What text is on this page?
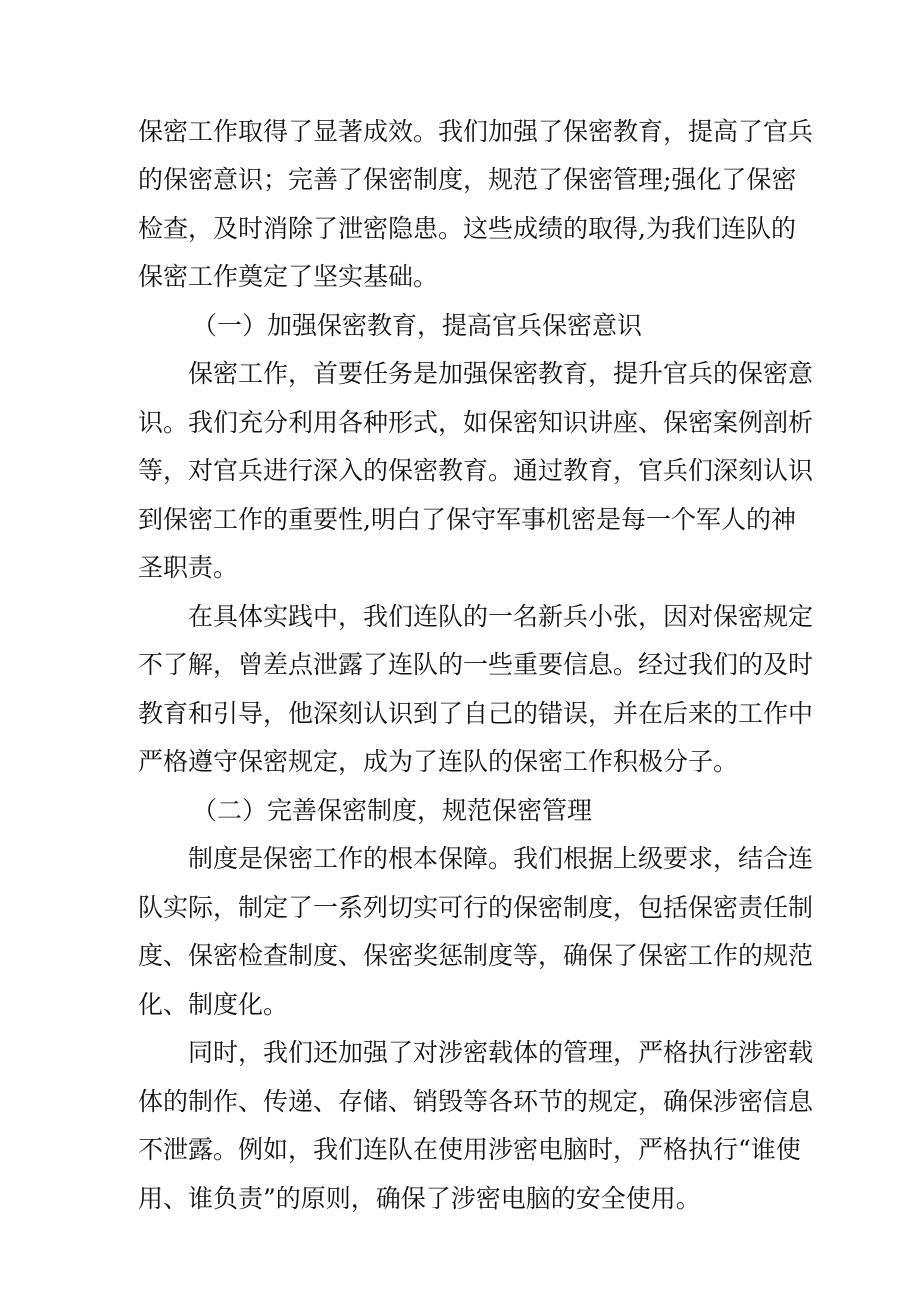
保密工作取得了显著成效。我们加强了保密教育，提高了官兵
的保密意识；完善了保密制度，规范了保密管理;强化了保密
检查，及时消除了泄密隐患。这些成绩的取得,为我们连队的
保密工作奠定了坚实基础。
（一）加强保密教育，提高官兵保密意识
保密工作，首要任务是加强保密教育，提升官兵的保密意
识。我们充分利用各种形式，如保密知识讲座、保密案例剖析
等，对官兵进行深入的保密教育。通过教育，官兵们深刻认识
到保密工作的重要性,明白了保守军事机密是每一个军人的神
圣职责。
在具体实践中，我们连队的一名新兵小张，因对保密规定
不了解，曾差点泄露了连队的一些重要信息。经过我们的及时
教育和引导，他深刻认识到了自己的错误，并在后来的工作中
严格遵守保密规定，成为了连队的保密工作积极分子。
（二）完善保密制度，规范保密管理
制度是保密工作的根本保障。我们根据上级要求，结合连
队实际，制定了一系列切实可行的保密制度，包括保密责任制
度、保密检查制度、保密奖惩制度等，确保了保密工作的规范
化、制度化。
同时，我们还加强了对涉密载体的管理，严格执行涉密载
体的制作、传递、存储、销毁等各环节的规定，确保涉密信息
不泄露。例如，我们连队在使用涉密电脑时，严格执行“谁使
用、谁负责”的原则，确保了涉密电脑的安全使用。
